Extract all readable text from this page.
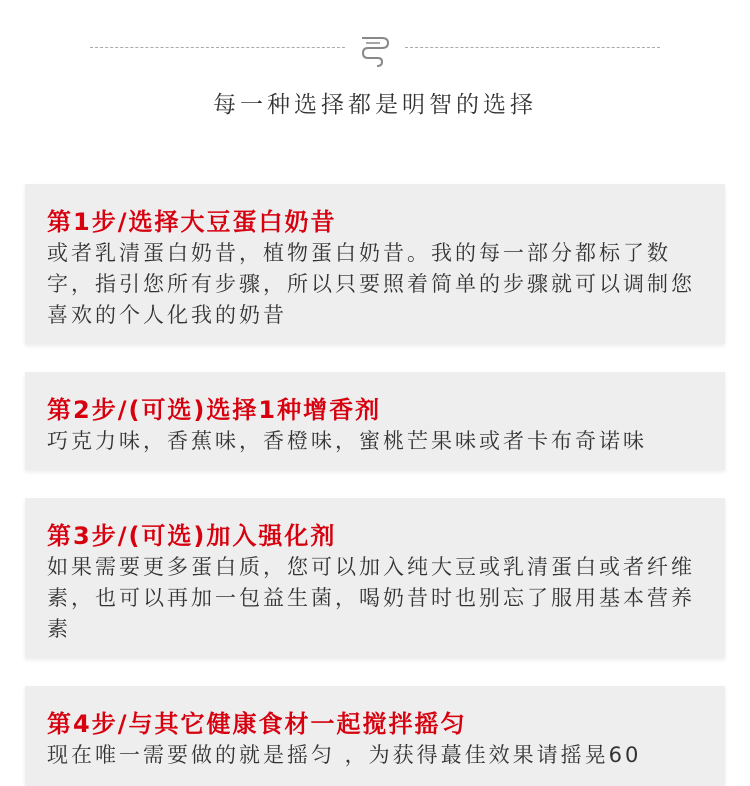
每一种选择都是明智的选择
第1步/选择大豆蛋白奶昔
或者乳清蛋白奶昔，植物蛋白奶昔。我的每一部分都标了数字，指引您所有步骤，所以只要照着简单的步骤就可以调制您喜欢的个人化我的奶昔
第2步/(可选)选择1种增香剂
巧克力味，香蕉味，香橙味，蜜桃芒果味或者卡布奇诺味
第3步/(可选)加入强化剂
如果需要更多蛋白质，您可以加入纯大豆或乳清蛋白或者纤维素，也可以再加一包益生菌，喝奶昔时也别忘了服用基本营养素
第4步/与其它健康食材一起搅拌摇匀
现在唯一需要做的就是摇匀 ，为获得蕞佳效果请摇晃60
